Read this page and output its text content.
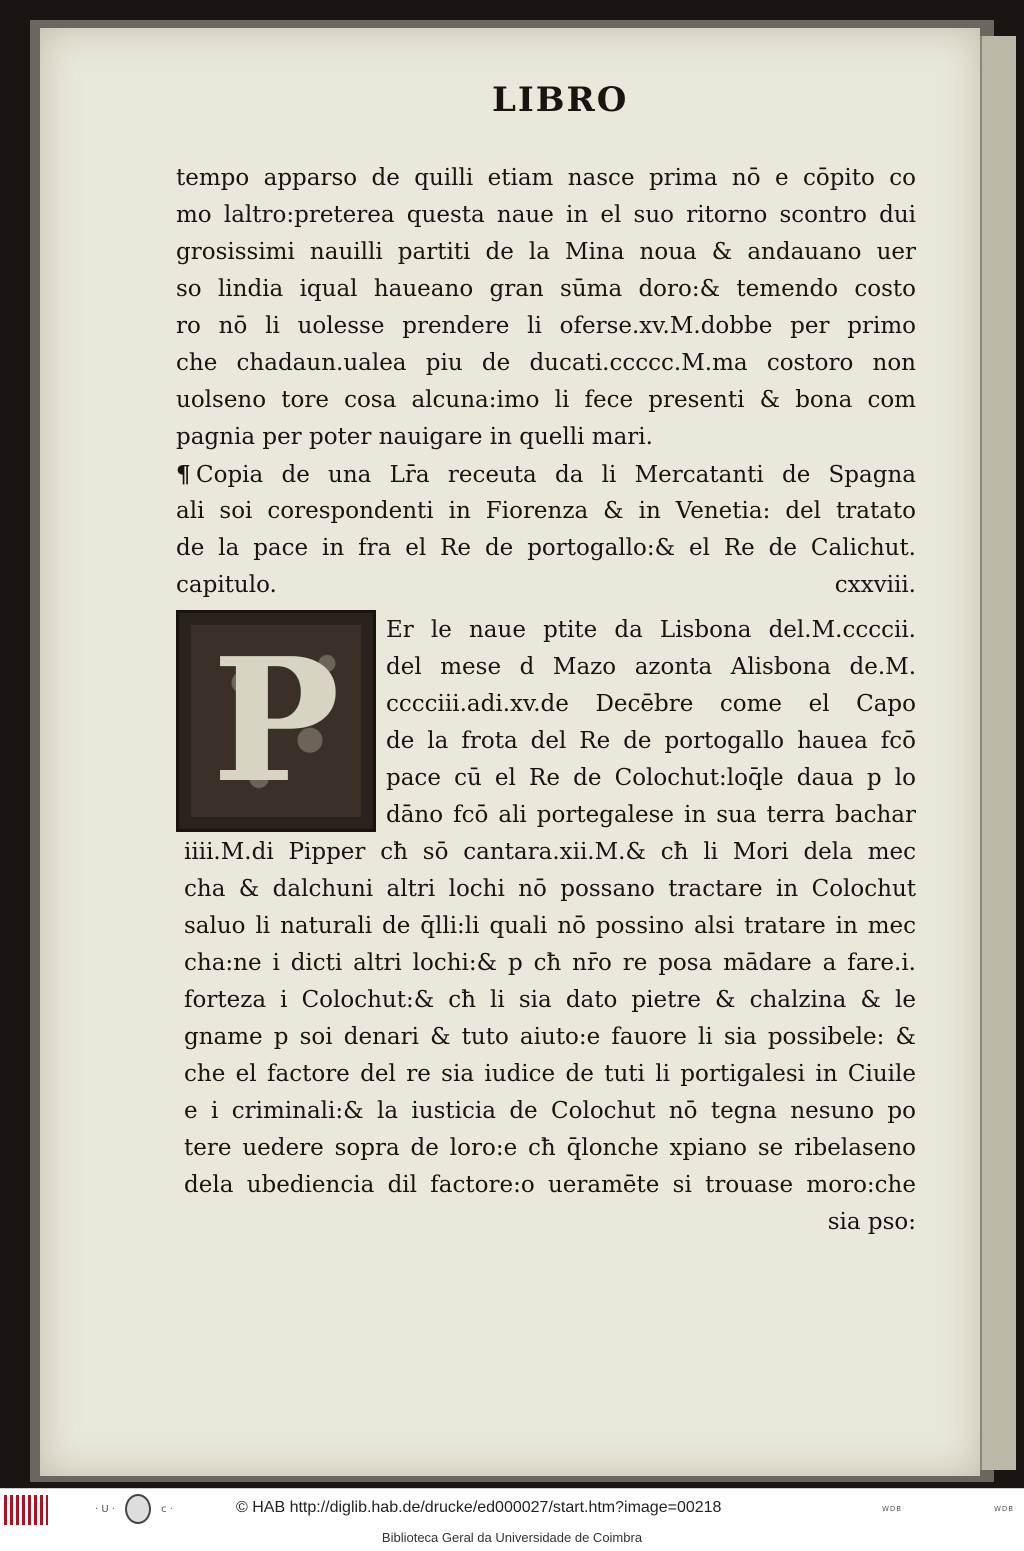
LIBRO
tempo apparso de quilli etiam nasce prima nō e cōpito co
mo laltro:preterea questa naue in el suo ritorno scontro dui
grosissimi nauilli partiti de la Mina noua & andauano uer
so lindia iqual haueano gran sūma doro:& temendo costo
ro nō li uolesse prendere li oferse.xv.M.dobbe per primo
che chadaun.ualea piu de ducati.ccccc.M.ma costoro non
uolseno tore cosa alcuna:imo li fece presenti & bona com
pagnia per poter nauigare in quelli mari.
¶ Copia de una Lr̄a receuta da li Mercatanti de Spagna
ali soi corespondenti in Fiorenza & in Venetia: del tratato
de la pace in fra el Re de portogallo:& el Re de Calichut.
capitulo.	cxxviii.
P	Er le naue ptite da Lisbona del.M.ccccii.
del mese d Mazo azonta Alisbona de.M.
cccciii.adi.xv.de Decēbre come el Capo
de la frota del Re de portogallo hauea fcō
pace cū el Re de Colochut:loq̄le daua p lo
dāno fcō ali portegalese in sua terra bachar
iiii.M.di Pipper cħ sō cantara.xii.M.& cħ li Mori dela mec
cha & dalchuni altri lochi nō possano tractare in Colochut
saluo li naturali de q̄lli:li quali nō possino alsi tratare in mec
cha:ne i dicti altri lochi:& p cħ nr̄o re posa mādare a fare.i.
forteza i Colochut:& cħ li sia dato pietre & chalzina & le
gname p soi denari & tuto aiuto:e fauore li sia possibele: &
che el factore del re sia iudice de tuti li portigalesi in Ciuile
e i criminali:& la iusticia de Colochut nō tegna nesuno po
tere uedere sopra de loro:e cħ q̄lonche xpiano se ribelaseno
dela ubediencia dil factore:o ueramēte si trouase moro:che
sia pso:
· U ·	c ·	© HAB http://diglib.hab.de/drucke/ed000027/start.htm?image=00218	WDB	WDB
Biblioteca Geral da Universidade de Coimbra
